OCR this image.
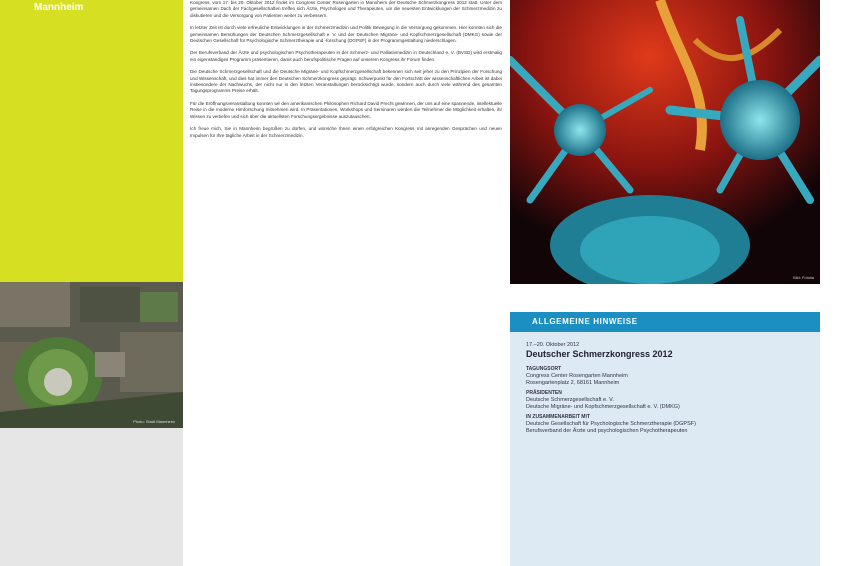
Mannheim
Photo: Stadt Mannheim

Kongress, vom 17. bis 20. Oktober 2012 findet im Congress Center Rosengarten in Mannheim der Deutsche Schmerzkongress 2012 statt. Unter dem gemeinsamen Dach der Fachgesellschaften treffen sich Ärzte, Psychologen und Therapeuten, um die neuesten Entwicklungen der Schmerzmedizin zu diskutieren und die Versorgung von Patienten weiter zu verbessern.

In letzter Zeit ist durch viele erfreuliche Entwicklungen in der Schmerzmedizin und Politik Bewegung in die Versorgung gekommen. Hier konnten sich die gemeinsamen Bemühungen der Deutschen Schmerzgesellschaft e. V. und der Deutschen Migräne- und Kopfschmerzgesellschaft (DMKG) sowie der Deutschen Gesellschaft für Psychologische Schmerztherapie und -forschung (DGPSF) in der Programmgestaltung niederschlagen.

Der Berufsverband der Ärzte und psychologischen Psychotherapeuten in der Schmerz- und Palliativmedizin in Deutschland e. V. (BVSD) wird erstmalig ein eigenständiges Programm präsentieren, damit auch berufspolitische Fragen auf unserem Kongress ihr Forum finden.

Die Deutsche Schmerzgesellschaft und die Deutsche Migräne- und Kopfschmerzgesellschaft bekennen sich seit jeher zu den Prinzipien der Forschung und Wissenschaft, und dies hat immer den Deutschen Schmerzkongress geprägt. Schwerpunkt für den Fortschritt der wissenschaftlichen Arbeit ist dabei insbesondere der Nachwuchs, der nicht nur in den letzten Veranstaltungen berücksichtigt wurde, sondern auch durch viele während des gesamten Tagungsprogramms Preise erhält.

Für die Eröffnungsveranstaltung konnten wir den amerikanischen Philosophen Richard David Precht gewinnen, der uns auf eine spannende, intellektuelle Reise in die moderne Hirnforschung mitnehmen wird. In Präsentationen, Workshops und Seminaren werden die Teilnehmer die Möglichkeit erhalten, ihr Wissen zu vertiefen und sich über die aktuellsten Forschungsergebnisse auszutauschen.

Ich freue mich, Sie in Mannheim begrüßen zu dürfen, und wünsche Ihnen einen erfolgreichen Kongress mit anregenden Gesprächen und neuen Impulsen für Ihre tägliche Arbeit in der Schmerzmedizin.

Bild: Fotolia
ALLGEMEINE HINWEISE
17.–20. Oktober 2012
Deutscher Schmerzkongress 2012
TAGUNGSORT
Congress Center Rosengarten Mannheim
Rosengartenplatz 2, 68161 Mannheim
PRÄSIDENTEN
Deutsche Schmerzgesellschaft e. V.
Deutsche Migräne- und Kopfschmerzgesellschaft e. V. (DMKG)
IN ZUSAMMENARBEIT MIT
Deutsche Gesellschaft für Psychologische Schmerztherapie (DGPSF)
Berufsverband der Ärzte und psychologischen Psychotherapeuten
